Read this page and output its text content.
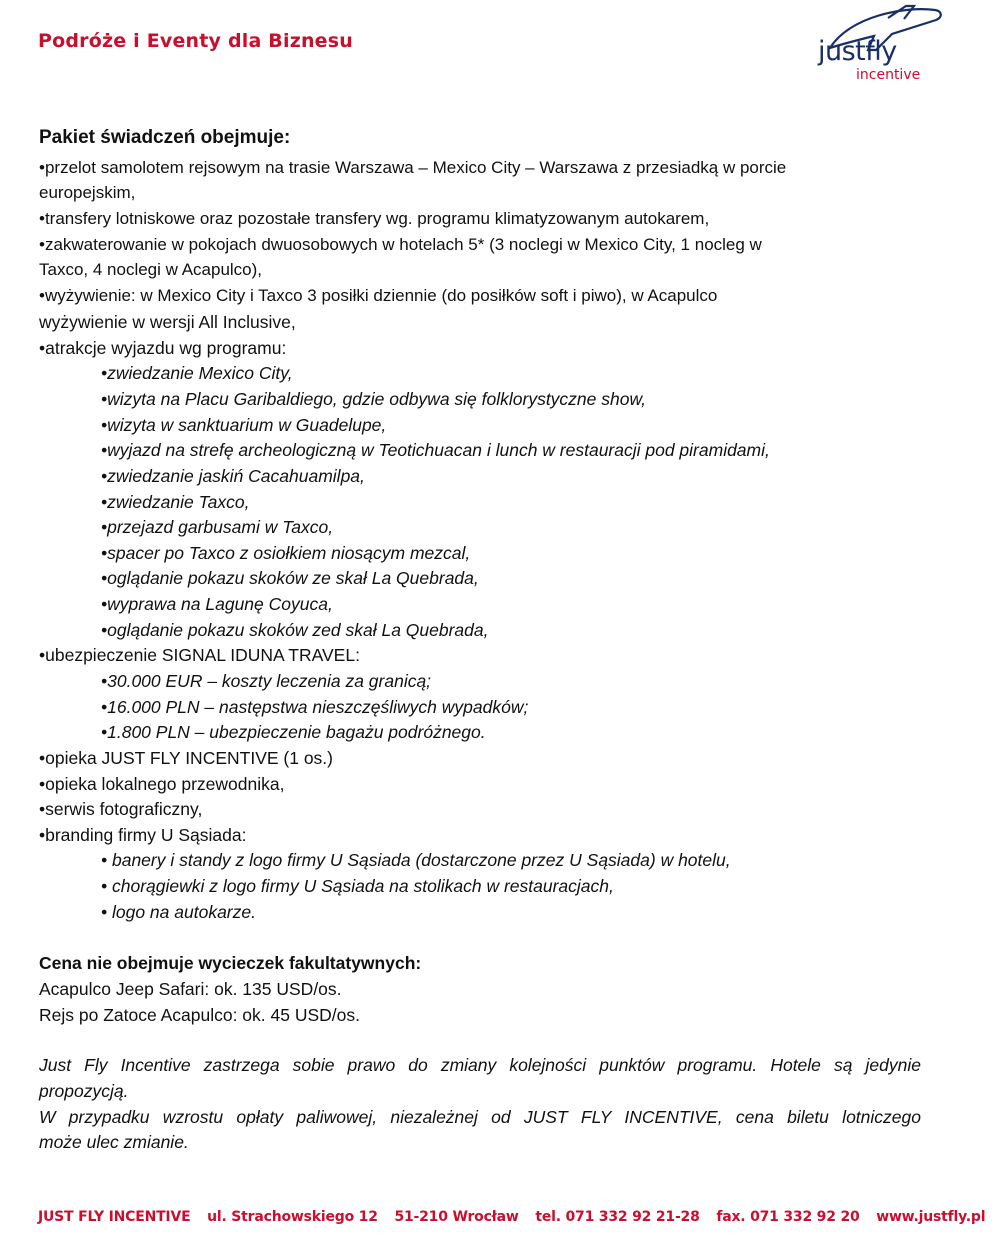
Podróże i Eventy dla Biznesu	justfly
incentive
Pakiet świadczeń obejmuje:
•przelot samolotem rejsowym na trasie Warszawa – Mexico City – Warszawa z przesiadką w porcie
europejskim,
•transfery lotniskowe oraz pozostałe transfery wg. programu klimatyzowanym autokarem,
•zakwaterowanie w pokojach dwuosobowych w hotelach 5* (3 noclegi w Mexico City, 1 nocleg w
Taxco, 4 noclegi w Acapulco),
•wyżywienie: w Mexico City i Taxco 3 posiłki dziennie (do posiłków soft i piwo), w Acapulco
wyżywienie w wersji All Inclusive,
•atrakcje wyjazdu wg programu:
•zwiedzanie Mexico City,
•wizyta na Placu Garibaldiego, gdzie odbywa się folklorystyczne show,
•wizyta w sanktuarium w Guadelupe,
•wyjazd na strefę archeologiczną w Teotichuacan i lunch w restauracji pod piramidami,
•zwiedzanie jaskiń Cacahuamilpa,
•zwiedzanie Taxco,
•przejazd garbusami w Taxco,
•spacer po Taxco z osiołkiem niosącym mezcal,
•oglądanie pokazu skoków ze skał La Quebrada,
•wyprawa na Lagunę Coyuca,
•oglądanie pokazu skoków zed skał La Quebrada,
•ubezpieczenie SIGNAL IDUNA TRAVEL:
•30.000 EUR – koszty leczenia za granicą;
•16.000 PLN – następstwa nieszczęśliwych wypadków;
•1.800 PLN – ubezpieczenie bagażu podróżnego.
•opieka JUST FLY INCENTIVE (1 os.)
•opieka lokalnego przewodnika,
•serwis fotograficzny,
•branding firmy U Sąsiada:
• banery i standy z logo firmy U Sąsiada (dostarczone przez U Sąsiada) w hotelu,
• chorągiewki z logo firmy U Sąsiada na stolikach w restauracjach,
• logo na autokarze.
Cena nie obejmuje wycieczek fakultatywnych:
Acapulco Jeep Safari: ok. 135 USD/os.
Rejs po Zatoce Acapulco: ok. 45 USD/os.
Just Fly Incentive zastrzega sobie prawo do zmiany kolejności punktów programu. Hotele są jedynie
propozycją.
W przypadku wzrostu opłaty paliwowej, niezależnej od JUST FLY INCENTIVE, cena biletu lotniczego
może ulec zmianie.
JUST FLY INCENTIVE ul. Strachowskiego 12 51-210 Wrocław tel. 071 332 92 21-28 fax. 071 332 92 20 www.justfly.pl
